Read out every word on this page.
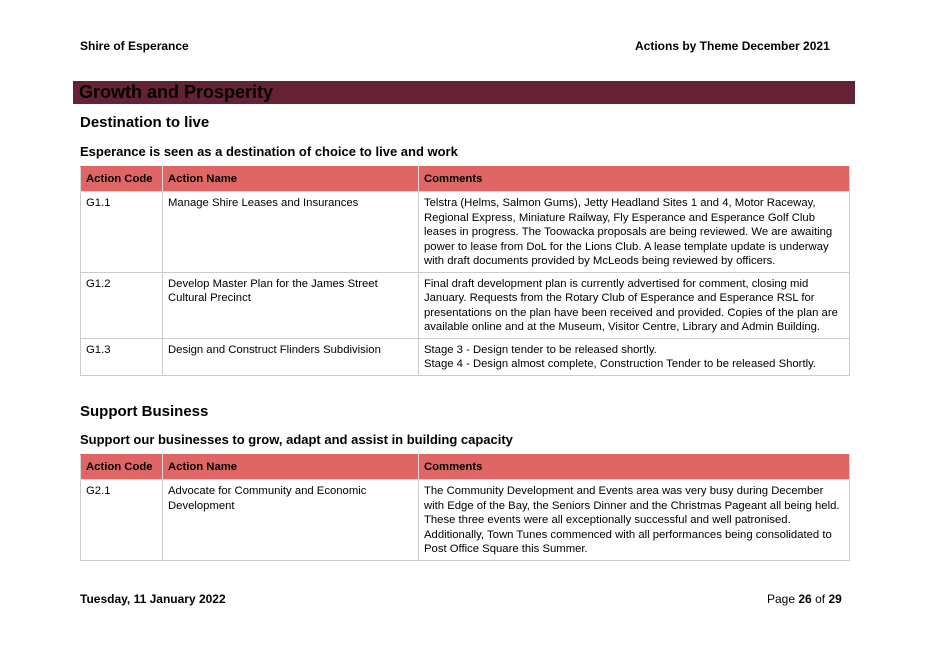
Shire of Esperance	Actions by Theme December 2021
Growth and Prosperity
Destination to live
Esperance is seen as a destination of choice to live and work
Action Code	Action Name	Comments
G1.1	Manage Shire Leases and Insurances	Telstra (Helms, Salmon Gums), Jetty Headland Sites 1 and 4, Motor Raceway, Regional Express, Miniature Railway, Fly Esperance and Esperance Golf Club leases in progress. The Toowacka proposals are being reviewed. We are awaiting power to lease from DoL for the Lions Club. A lease template update is underway with draft documents provided by McLeods being reviewed by officers.
G1.2	Develop Master Plan for the James Street Cultural Precinct	Final draft development plan is currently advertised for comment, closing mid January. Requests from the Rotary Club of Esperance and Esperance RSL for presentations on the plan have been received and provided. Copies of the plan are available online and at the Museum, Visitor Centre, Library and Admin Building.
G1.3	Design and Construct Flinders Subdivision	Stage 3 - Design tender to be released shortly.
Stage 4 - Design almost complete, Construction Tender to be released Shortly.
Support Business
Support our businesses to grow, adapt and assist in building capacity
Action Code	Action Name	Comments
G2.1	Advocate for Community and Economic Development	The Community Development and Events area was very busy during December with Edge of the Bay, the Seniors Dinner and the Christmas Pageant all being held. These three events were all exceptionally successful and well patronised. Additionally, Town Tunes commenced with all performances being consolidated to Post Office Square this Summer.
Tuesday, 11 January 2022	Page 26 of 29
